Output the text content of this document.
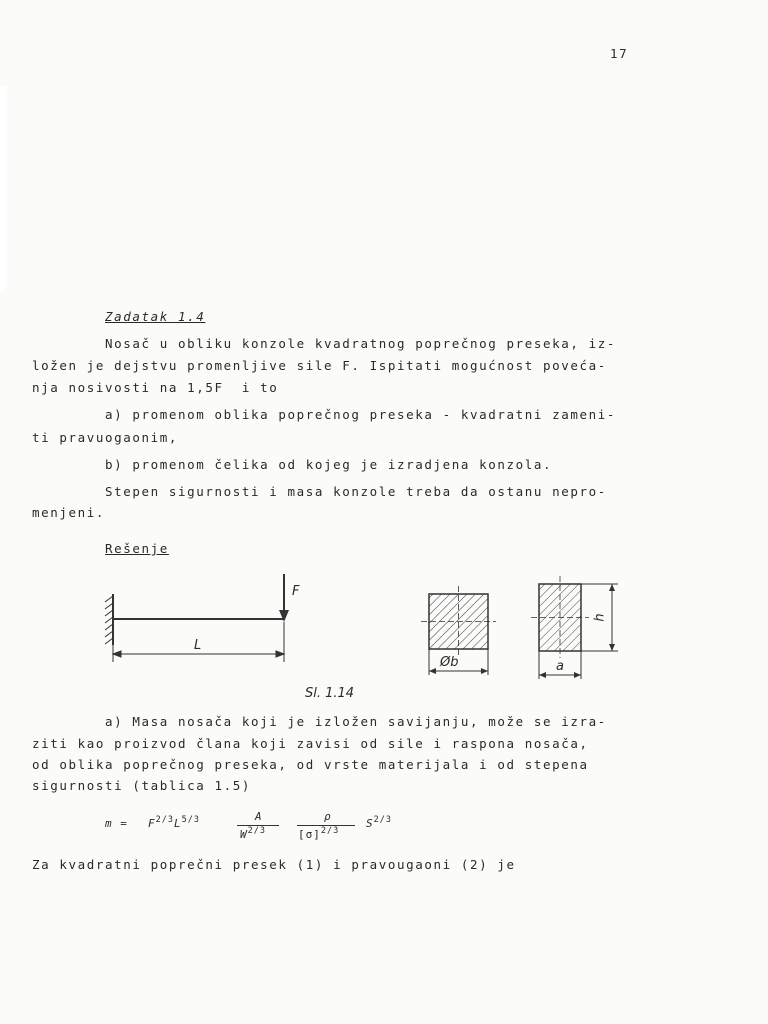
17
Zadatak 1.4
Nosač u obliku konzole kvadratnog poprečnog preseka, iz-
ložen je dejstvu promenljive sile F. Ispitati mogućnost poveća-
nja nosivosti na 1,5F  i to
a) promenom oblika poprečnog preseka - kvadratni zameni-
ti pravuogaonim,
b) promenom čelika od kojeg je izradjena konzola.
Stepen sigurnosti i masa konzole treba da ostanu nepro-
menjeni.
Rešenje
F
L
Øb	a
h
Sl. 1.14
a) Masa nosača koji je izložen savijanju, može se izra-
ziti kao proizvod člana koji zavisi od sile i raspona nosača,
od oblika poprečnog preseka, od vrste materijala i od stepena
sigurnosti (tablica 1.5)
$m = F^{2/3}L^{5/3}$	A
$W^{2/3}$
ρ
$[\sigma]^{2/3}$
$S^{2/3}$
Za kvadratni poprečni presek (1) i pravougaoni (2) je
